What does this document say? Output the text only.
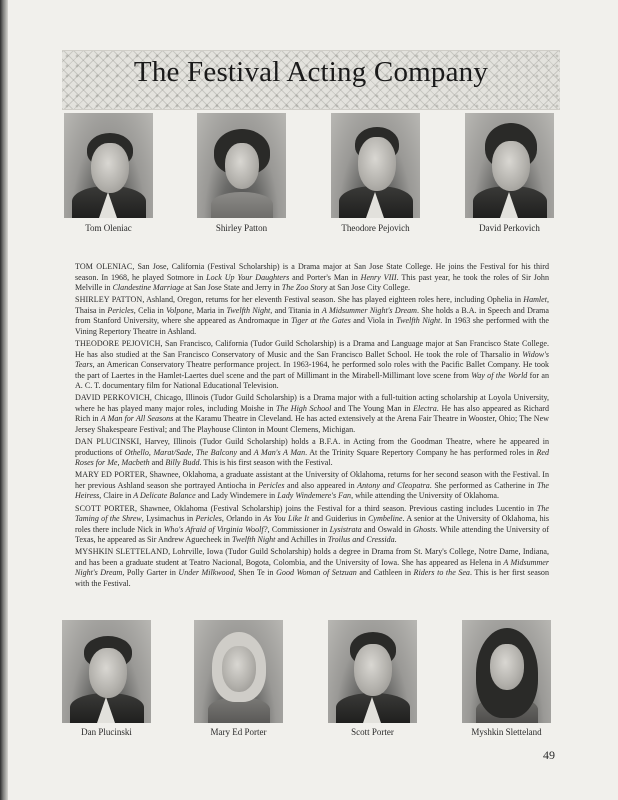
The Festival Acting Company
Tom Oleniac	Shirley Patton	Theodore Pejovich	David Perkovich

TOM OLENIAC, San Jose, California (Festival Scholarship) is a Drama major at San Jose State College. He joins the Festival for his third season. In 1968, he played Sotmore in Lock Up Your Daughters and Porter's Man in Henry VIII. This past year, he took the roles of Sir John Melville in Clandestine Marriage at San Jose State and Jerry in The Zoo Story at San Jose City College.

SHIRLEY PATTON, Ashland, Oregon, returns for her eleventh Festival season. She has played eighteen roles here, including Ophelia in Hamlet, Thaisa in Pericles, Celia in Volpone, Maria in Twelfth Night, and Titania in A Midsummer Night's Dream. She holds a B.A. in Speech and Drama from Stanford University, where she appeared as Andromaque in Tiger at the Gates and Viola in Twelfth Night. In 1963 she performed with the Vining Repertory Theatre in Ashland.

THEODORE PEJOVICH, San Francisco, California (Tudor Guild Scholarship) is a Drama and Language major at San Francisco State College. He has also studied at the San Francisco Conservatory of Music and the San Francisco Ballet School. He took the role of Tharsalio in Widow's Tears, an American Conservatory Theatre performance project. In 1963-1964, he performed solo roles with the Pacific Ballet Company. He took the part of Laertes in the Hamlet-Laertes duel scene and the part of Millimant in the Mirabell-Millimant love scene from Way of the World for an A. C. T. documentary film for National Educational Television.

DAVID PERKOVICH, Chicago, Illinois (Tudor Guild Scholarship) is a Drama major with a full-tuition acting scholarship at Loyola University, where he has played many major roles, including Moishe in The High School and The Young Man in Electra. He has also appeared as Richard Rich in A Man for All Seasons at the Karamu Theatre in Cleveland. He has acted extensively at the Arena Fair Theatre in Wooster, Ohio; The New Jersey Shakespeare Festival; and The Playhouse Clinton in Mount Clemens, Michigan.

DAN PLUCINSKI, Harvey, Illinois (Tudor Guild Scholarship) holds a B.F.A. in Acting from the Goodman Theatre, where he appeared in productions of Othello, Marat/Sade, The Balcony and A Man's A Man. At the Trinity Square Repertory Company he has performed roles in Red Roses for Me, Macbeth and Billy Budd. This is his first season with the Festival.

MARY ED PORTER, Shawnee, Oklahoma, a graduate assistant at the University of Oklahoma, returns for her second season with the Festival. In her previous Ashland season she portrayed Antiocha in Pericles and also appeared in Antony and Cleopatra. She performed as Catherine in The Heiress, Claire in A Delicate Balance and Lady Windemere in Lady Windemere's Fan, while attending the University of Oklahoma.

SCOTT PORTER, Shawnee, Oklahoma (Festival Scholarship) joins the Festival for a third season. Previous casting includes Lucentio in The Taming of the Shrew, Lysimachus in Pericles, Orlando in As You Like It and Guiderius in Cymbeline. A senior at the University of Oklahoma, his roles there include Nick in Who's Afraid of Virginia Woolf?, Commissioner in Lysistrata and Oswald in Ghosts. While attending the University of Texas, he appeared as Sir Andrew Aguecheek in Twelfth Night and Achilles in Troilus and Cressida.

MYSHKIN SLETTELAND, Lohrville, Iowa (Tudor Guild Scholarship) holds a degree in Drama from St. Mary's College, Notre Dame, Indiana, and has been a graduate student at Teatro Nacional, Bogota, Colombia, and the University of Iowa. She has appeared as Helena in A Midsummer Night's Dream, Polly Garter in Under Milkwood, Shen Te in Good Woman of Setzuan and Cathleen in Riders to the Sea. This is her first season with the Festival.

Dan Plucinski	Mary Ed Porter	Scott Porter	Myshkin Sletteland
49
